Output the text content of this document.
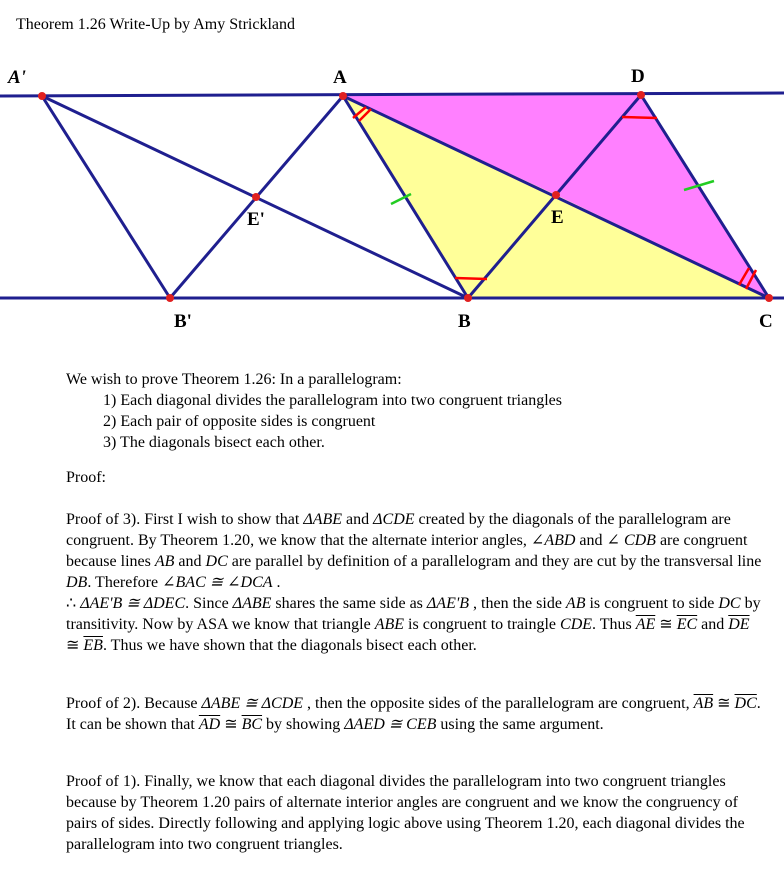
Theorem 1.26 Write-Up by Amy Strickland
A'	A	D
E'	E
B'	B	C

We wish to prove Theorem 1.26: In a parallelogram:

1) Each diagonal divides the parallelogram into two congruent triangles

2) Each pair of opposite sides is congruent

3) The diagonals bisect each other.

Proof:

Proof of 3). First I wish to show that ΔABE and ΔCDE created by the diagonals of the parallelogram are congruent. By Theorem 1.20, we know that the alternate interior angles, ∠ABD and ∠ CDB are congruent because lines AB and DC are parallel by definition of a parallelogram and they are cut by the transversal line DB. Therefore ∠BAC ≅ ∠DCA .
∴ ΔAE'B ≅ ΔDEC. Since ΔABE shares the same side as ΔAE'B , then the side AB is congruent to side DC by transitivity. Now by ASA we know that triangle ABE is congruent to traingle CDE. Thus $\overline{AE}$ ≅ $\overline{EC}$ and $\overline{DE}$ ≅ $\overline{EB}$. Thus we have shown that the diagonals bisect each other.

Proof of 2). Because ΔABE ≅ ΔCDE , then the opposite sides of the parallelogram are congruent, $\overline{AB}$ ≅ $\overline{DC}$. It can be shown that $\overline{AD}$ ≅ $\overline{BC}$ by showing ΔAED ≅ CEB using the same argument.

Proof of 1). Finally, we know that each diagonal divides the parallelogram into two congruent triangles because by Theorem 1.20 pairs of alternate interior angles are congruent and we know the congruency of pairs of sides. Directly following and applying logic above using Theorem 1.20, each diagonal divides the parallelogram into two congruent triangles.
